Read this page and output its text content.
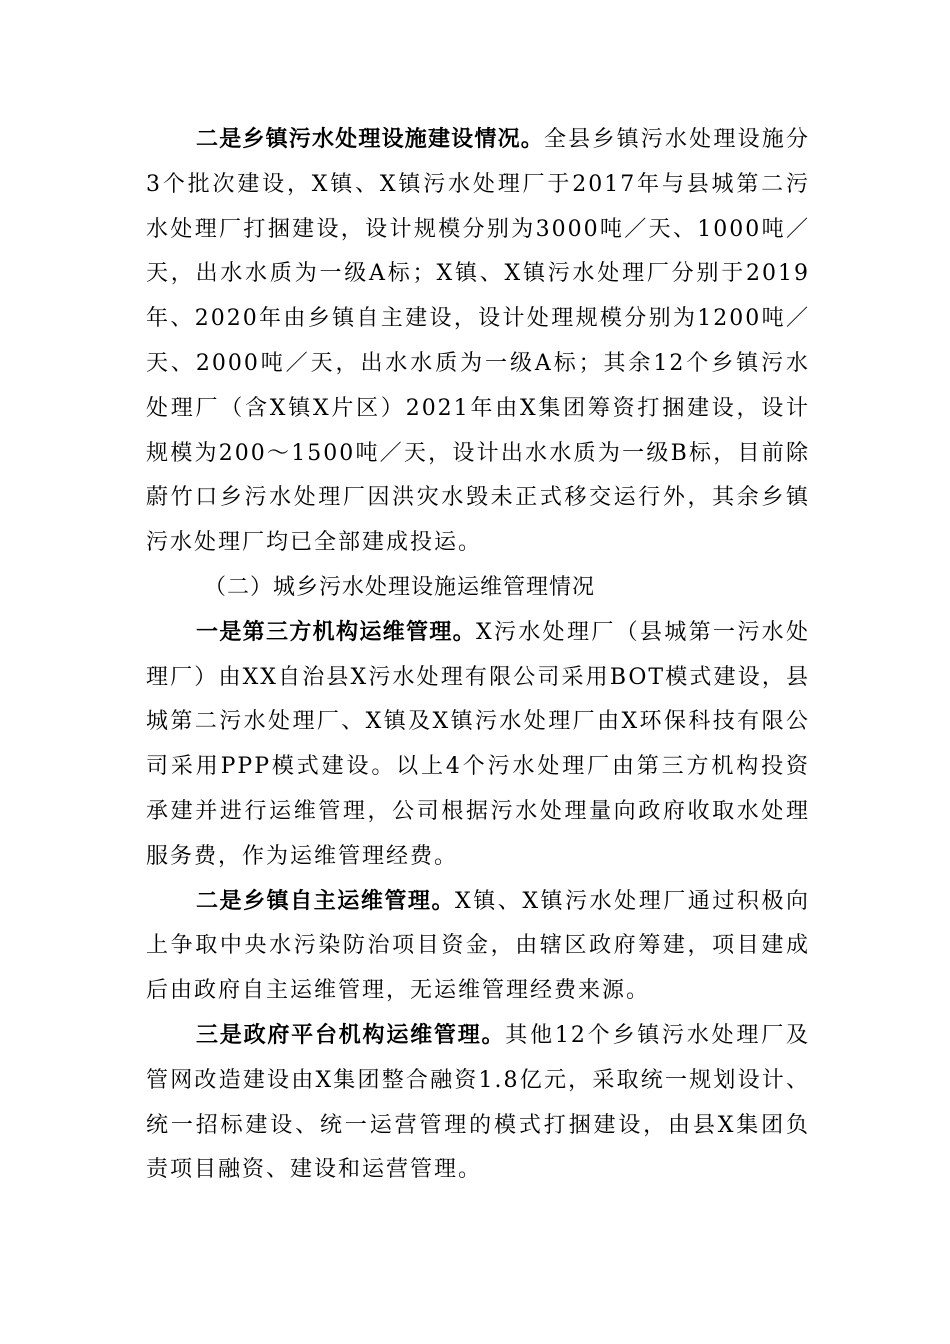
二是乡镇污水处理设施建设情况。全县乡镇污水处理设施分3个批次建设，X镇、X镇污水处理厂于2017年与县城第二污水处理厂打捆建设，设计规模分别为3000吨／天、1000吨／天，出水水质为一级A标；X镇、X镇污水处理厂分别于2019年、2020年由乡镇自主建设，设计处理规模分别为1200吨／天、2000吨／天，出水水质为一级A标；其余12个乡镇污水处理厂（含X镇X片区）2021年由X集团筹资打捆建设，设计规模为200～1500吨／天，设计出水水质为一级B标，目前除蔚竹口乡污水处理厂因洪灾水毁未正式移交运行外，其余乡镇污水处理厂均已全部建成投运。

（二）城乡污水处理设施运维管理情况

一是第三方机构运维管理。X污水处理厂（县城第一污水处理厂）由XX自治县X污水处理有限公司采用BOT模式建设，县城第二污水处理厂、X镇及X镇污水处理厂由X环保科技有限公司采用PPP模式建设。以上4个污水处理厂由第三方机构投资承建并进行运维管理，公司根据污水处理量向政府收取水处理服务费，作为运维管理经费。

二是乡镇自主运维管理。X镇、X镇污水处理厂通过积极向上争取中央水污染防治项目资金，由辖区政府筹建，项目建成后由政府自主运维管理，无运维管理经费来源。

三是政府平台机构运维管理。其他12个乡镇污水处理厂及管网改造建设由X集团整合融资1.8亿元，采取统一规划设计、统一招标建设、统一运营管理的模式打捆建设，由县X集团负责项目融资、建设和运营管理。
